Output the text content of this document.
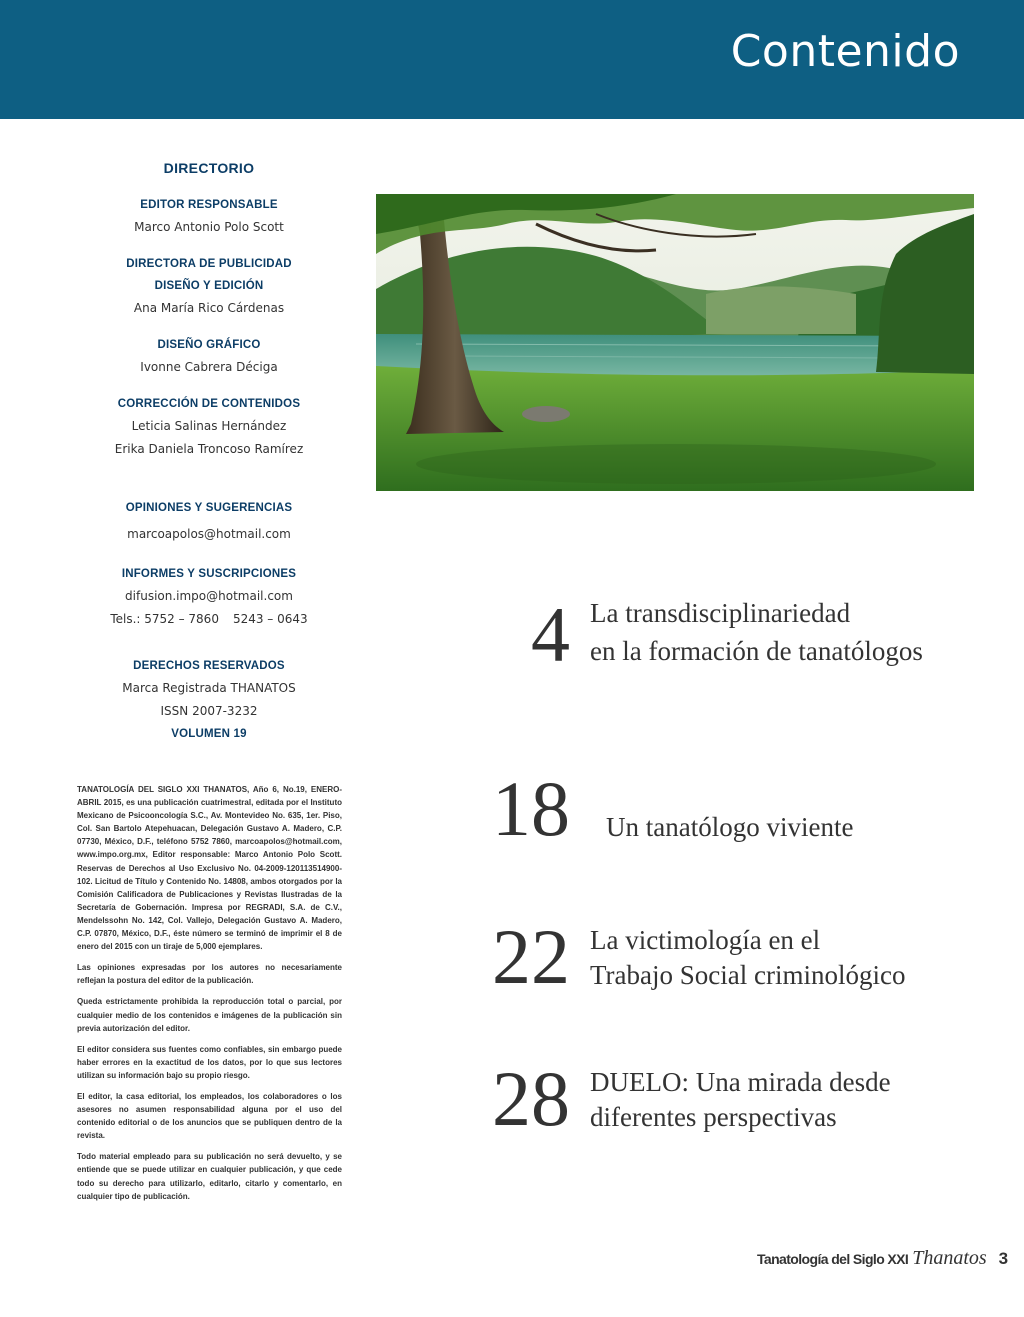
Contenido
DIRECTORIO
EDITOR RESPONSABLE
Marco Antonio Polo Scott
DIRECTORA DE PUBLICIDAD
DISEÑO Y EDICIÓN
Ana María Rico Cárdenas
DISEÑO GRÁFICO
Ivonne Cabrera Déciga
CORRECCIÓN DE CONTENIDOS
Leticia Salinas Hernández
Erika Daniela Troncoso Ramírez
OPINIONES Y SUGERENCIAS
marcoapolos@hotmail.com
INFORMES Y SUSCRIPCIONES
difusion.impo@hotmail.com
Tels.: 5752 – 7860 5243 – 0643
DERECHOS RESERVADOS
Marca Registrada THANATOS
ISSN 2007-3232
VOLUMEN 19

TANATOLOGÍA DEL SIGLO XXI THANATOS, Año 6, No.19, ENERO-ABRIL 2015, es una publicación cuatrimestral, editada por el Instituto Mexicano de Psicooncología S.C., Av. Montevideo No. 635, 1er. Piso, Col. San Bartolo Atepehuacan, Delegación Gustavo A. Madero, C.P. 07730, México, D.F., teléfono 5752 7860, marcoapolos@hotmail.com, www.impo.org.mx, Editor responsable: Marco Antonio Polo Scott. Reservas de Derechos al Uso Exclusivo No. 04-2009-120113514900-102. Licitud de Título y Contenido No. 14808, ambos otorgados por la Comisión Calificadora de Publicaciones y Revistas Ilustradas de la Secretaría de Gobernación. Impresa por REGRADI, S.A. de C.V., Mendelssohn No. 142, Col. Vallejo, Delegación Gustavo A. Madero, C.P. 07870, México, D.F., éste número se terminó de imprimir el 8 de enero del 2015 con un tiraje de 5,000 ejemplares.

Las opiniones expresadas por los autores no necesariamente reflejan la postura del editor de la publicación.

Queda estrictamente prohibida la reproducción total o parcial, por cualquier medio de los contenidos e imágenes de la publicación sin previa autorización del editor.

El editor considera sus fuentes como confiables, sin embargo puede haber errores en la exactitud de los datos, por lo que sus lectores utilizan su información bajo su propio riesgo.

El editor, la casa editorial, los empleados, los colaboradores o los asesores no asumen responsabilidad alguna por el uso del contenido editorial o de los anuncios que se publiquen dentro de la revista.

Todo material empleado para su publicación no será devuelto, y se entiende que se puede utilizar en cualquier publicación, y que cede todo su derecho para utilizarlo, editarlo, citarlo y comentarlo, en cualquier tipo de publicación.

4 La transdisciplinariedad
en la formación de tanatólogos
18 Un tanatólogo viviente
22 La victimología en el
Trabajo Social criminológico
28 DUELO: Una mirada desde
diferentes perspectivas
Tanatología del Siglo XXI Thanatos 3
